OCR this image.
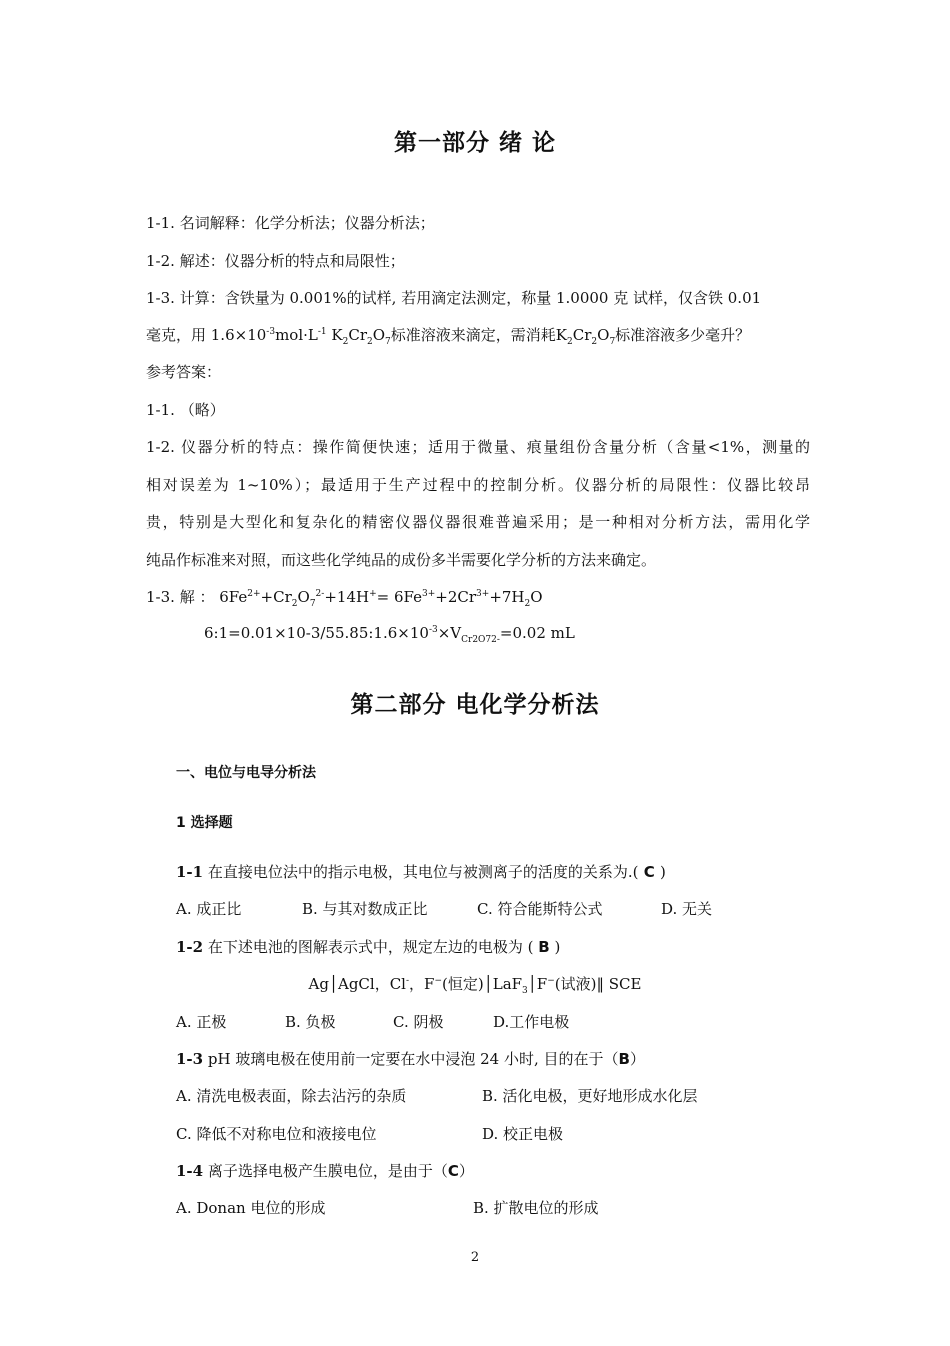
第一部分 绪 论
1-1. 名词解释：化学分析法；仪器分析法；
1-2. 解述：仪器分析的特点和局限性；
1-3. 计算：含铁量为 0.001%的试样, 若用滴定法测定，称量 1.0000 克 试样，仅含铁 0.01
毫克，用 $1.6\times 10^{-3}mol\cdot L^{-1}$ $K_2Cr_2O_7$标准溶液来滴定，需消耗$K_2Cr_2O_7$标准溶液多少毫升？
参考答案：
1-1. （略）
1-2. 仪器分析的特点：操作简便快速；适用于微量、痕量组份含量分析（含量<1%，测量的
相对误差为 1~10%）；最适用于生产过程中的控制分析。仪器分析的局限性：仪器比较昂
贵，特别是大型化和复杂化的精密仪器仪器很难普遍采用；是一种相对分析方法，需用化学
纯品作标准来对照，而这些化学纯品的成份多半需要化学分析的方法来确定。
1-3. 解 ： $6Fe^{2+}+Cr_2O_7^{2-}+14H^+= 6Fe^{3+}+2Cr^{3+}+7H_2O$
$6:1=0.01\times 10-3/55.85:1.6\times 10^{-3}\times V_{Cr2O72-}=0.02$ mL
第二部分 电化学分析法
一、电位与电导分析法
1 选择题
1-1 在直接电位法中的指示电极，其电位与被测离子的活度的关系为.( C )
A. 成正比	B. 与其对数成正比	C. 符合能斯特公式	D. 无关
1-2 在下述电池的图解表示式中，规定左边的电极为 ( B )
Ag│AgCl，Cl-，F−(恒定)│LaF$_3$│F−(试液)‖ SCE
A. 正极	B. 负极	C. 阴极	D.工作电极
1-3 pH 玻璃电极在使用前一定要在水中浸泡 24 小时, 目的在于（B）
A. 清洗电极表面，除去沾污的杂质	B. 活化电极，更好地形成水化层
C. 降低不对称电位和液接电位	D. 校正电极
1-4 离子选择电极产生膜电位，是由于（C）
A. Donan 电位的形成	B. 扩散电位的形成
2
